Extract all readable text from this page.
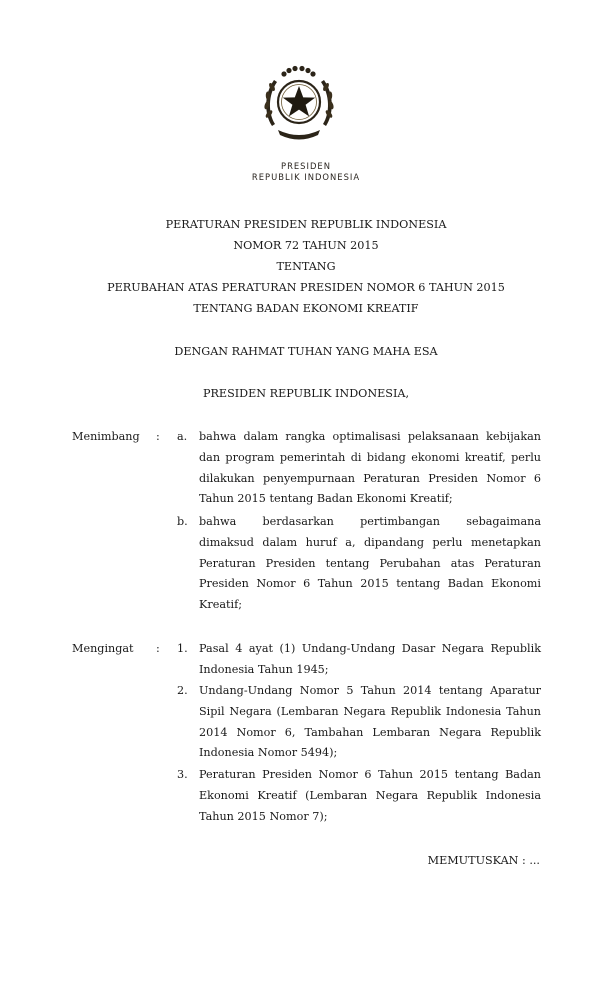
PRESIDEN
REPUBLIK INDONESIA
PERATURAN PRESIDEN REPUBLIK INDONESIA
NOMOR 72 TAHUN 2015
TENTANG
PERUBAHAN ATAS PERATURAN PRESIDEN NOMOR 6 TAHUN 2015
TENTANG BADAN EKONOMI KREATIF
DENGAN RAHMAT TUHAN YANG MAHA ESA
PRESIDEN REPUBLIK INDONESIA,
Menimbang : a. bahwa dalam rangka optimalisasi pelaksanaan kebijakan
dan program pemerintah di bidang ekonomi kreatif, perlu
dilakukan penyempurnaan Peraturan Presiden Nomor 6
Tahun 2015 tentang Badan Ekonomi Kreatif;
b. bahwa berdasarkan pertimbangan sebagaimana
dimaksud dalam huruf a, dipandang perlu menetapkan
Peraturan Presiden tentang Perubahan atas Peraturan
Presiden Nomor 6 Tahun 2015 tentang Badan Ekonomi
Kreatif;
Mengingat : 1. Pasal 4 ayat (1) Undang-Undang Dasar Negara Republik
Indonesia Tahun 1945;
2. Undang-Undang Nomor 5 Tahun 2014 tentang Aparatur
Sipil Negara (Lembaran Negara Republik Indonesia Tahun
2014 Nomor 6, Tambahan Lembaran Negara Republik
Indonesia Nomor 5494);
3. Peraturan Presiden Nomor 6 Tahun 2015 tentang Badan
Ekonomi Kreatif (Lembaran Negara Republik Indonesia
Tahun 2015 Nomor 7);
MEMUTUSKAN : ...
